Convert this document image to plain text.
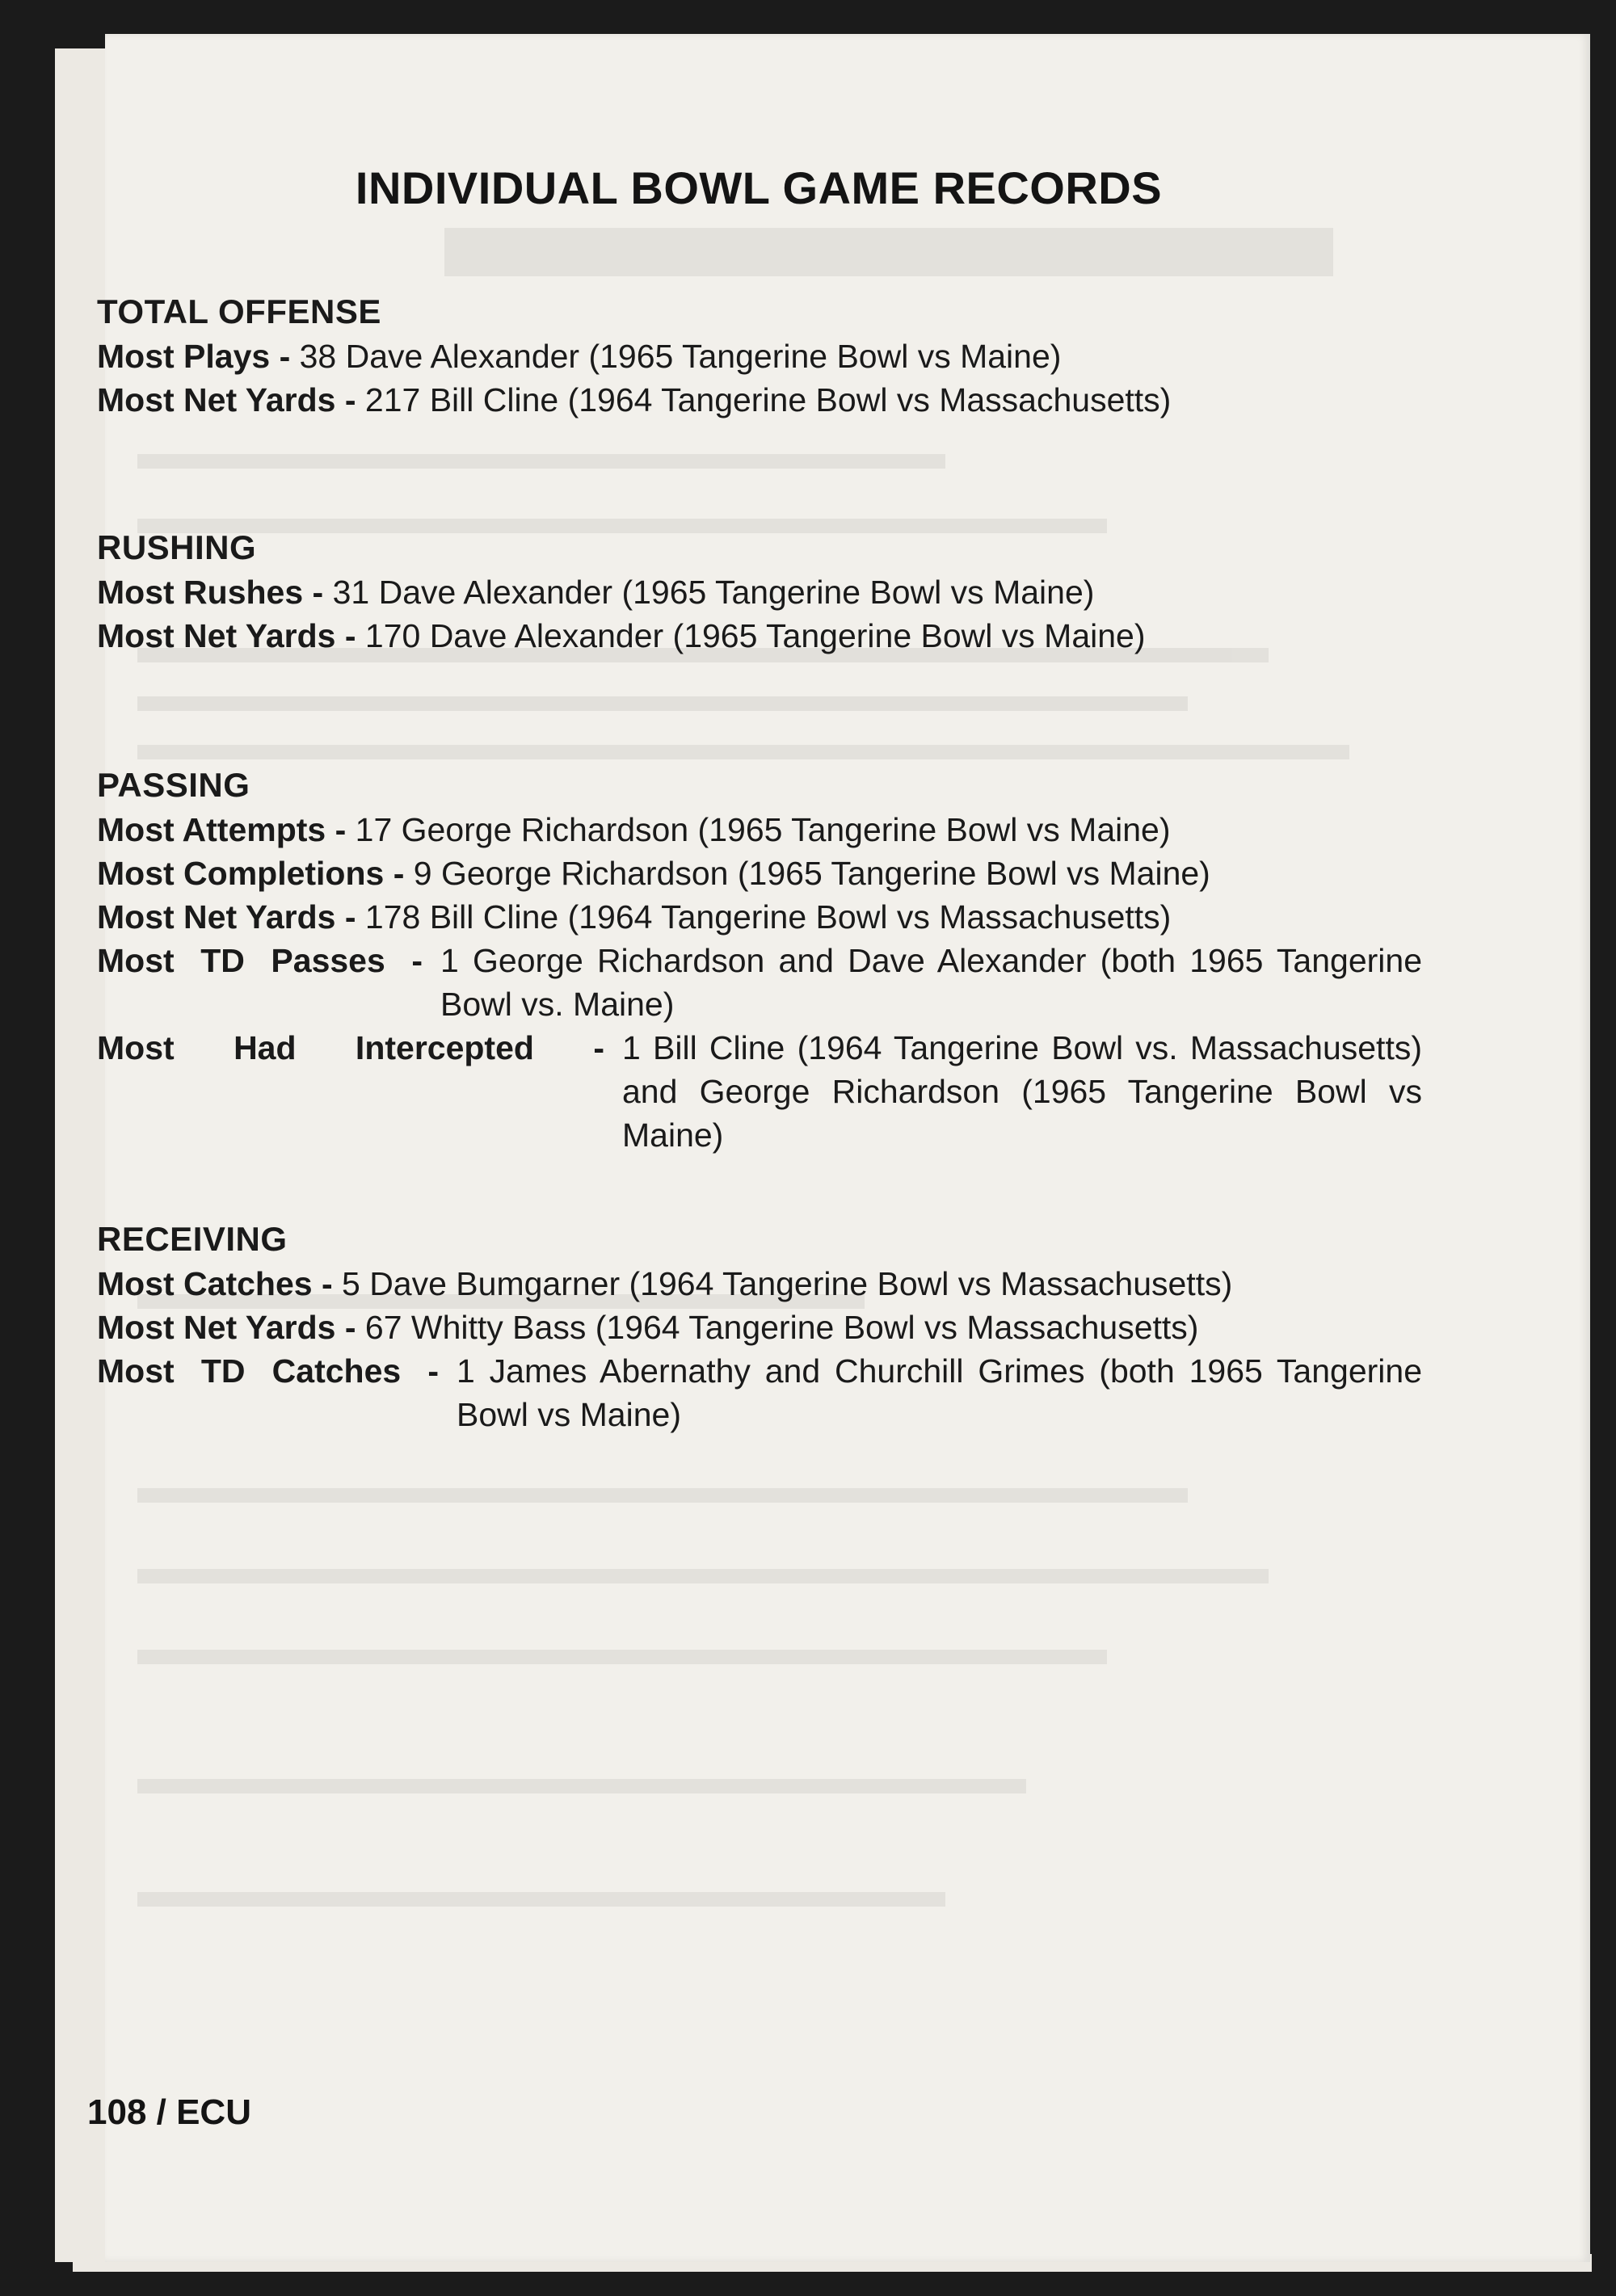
INDIVIDUAL BOWL GAME RECORDS
TOTAL OFFENSE
Most Plays - 38 Dave Alexander (1965 Tangerine Bowl vs Maine)
Most Net Yards - 217 Bill Cline (1964 Tangerine Bowl vs Massachusetts)
RUSHING
Most Rushes - 31 Dave Alexander (1965 Tangerine Bowl vs Maine)
Most Net Yards - 170 Dave Alexander (1965 Tangerine Bowl vs Maine)
PASSING
Most Attempts - 17 George Richardson (1965 Tangerine Bowl vs Maine)
Most Completions - 9 George Richardson (1965 Tangerine Bowl vs Maine)
Most Net Yards - 178 Bill Cline (1964 Tangerine Bowl vs Massachusetts)
Most TD Passes - 1 George Richardson and Dave Alexander (both 1965 Tangerine Bowl vs. Maine)
Most Had Intercepted - 1 Bill Cline (1964 Tangerine Bowl vs. Massachusetts) and George Richardson (1965 Tangerine Bowl vs Maine)
RECEIVING
Most Catches - 5 Dave Bumgarner (1964 Tangerine Bowl vs Massachusetts)
Most Net Yards - 67 Whitty Bass (1964 Tangerine Bowl vs Massachusetts)
Most TD Catches - 1 James Abernathy and Churchill Grimes (both 1965 Tangerine Bowl vs Maine)
108 / ECU
